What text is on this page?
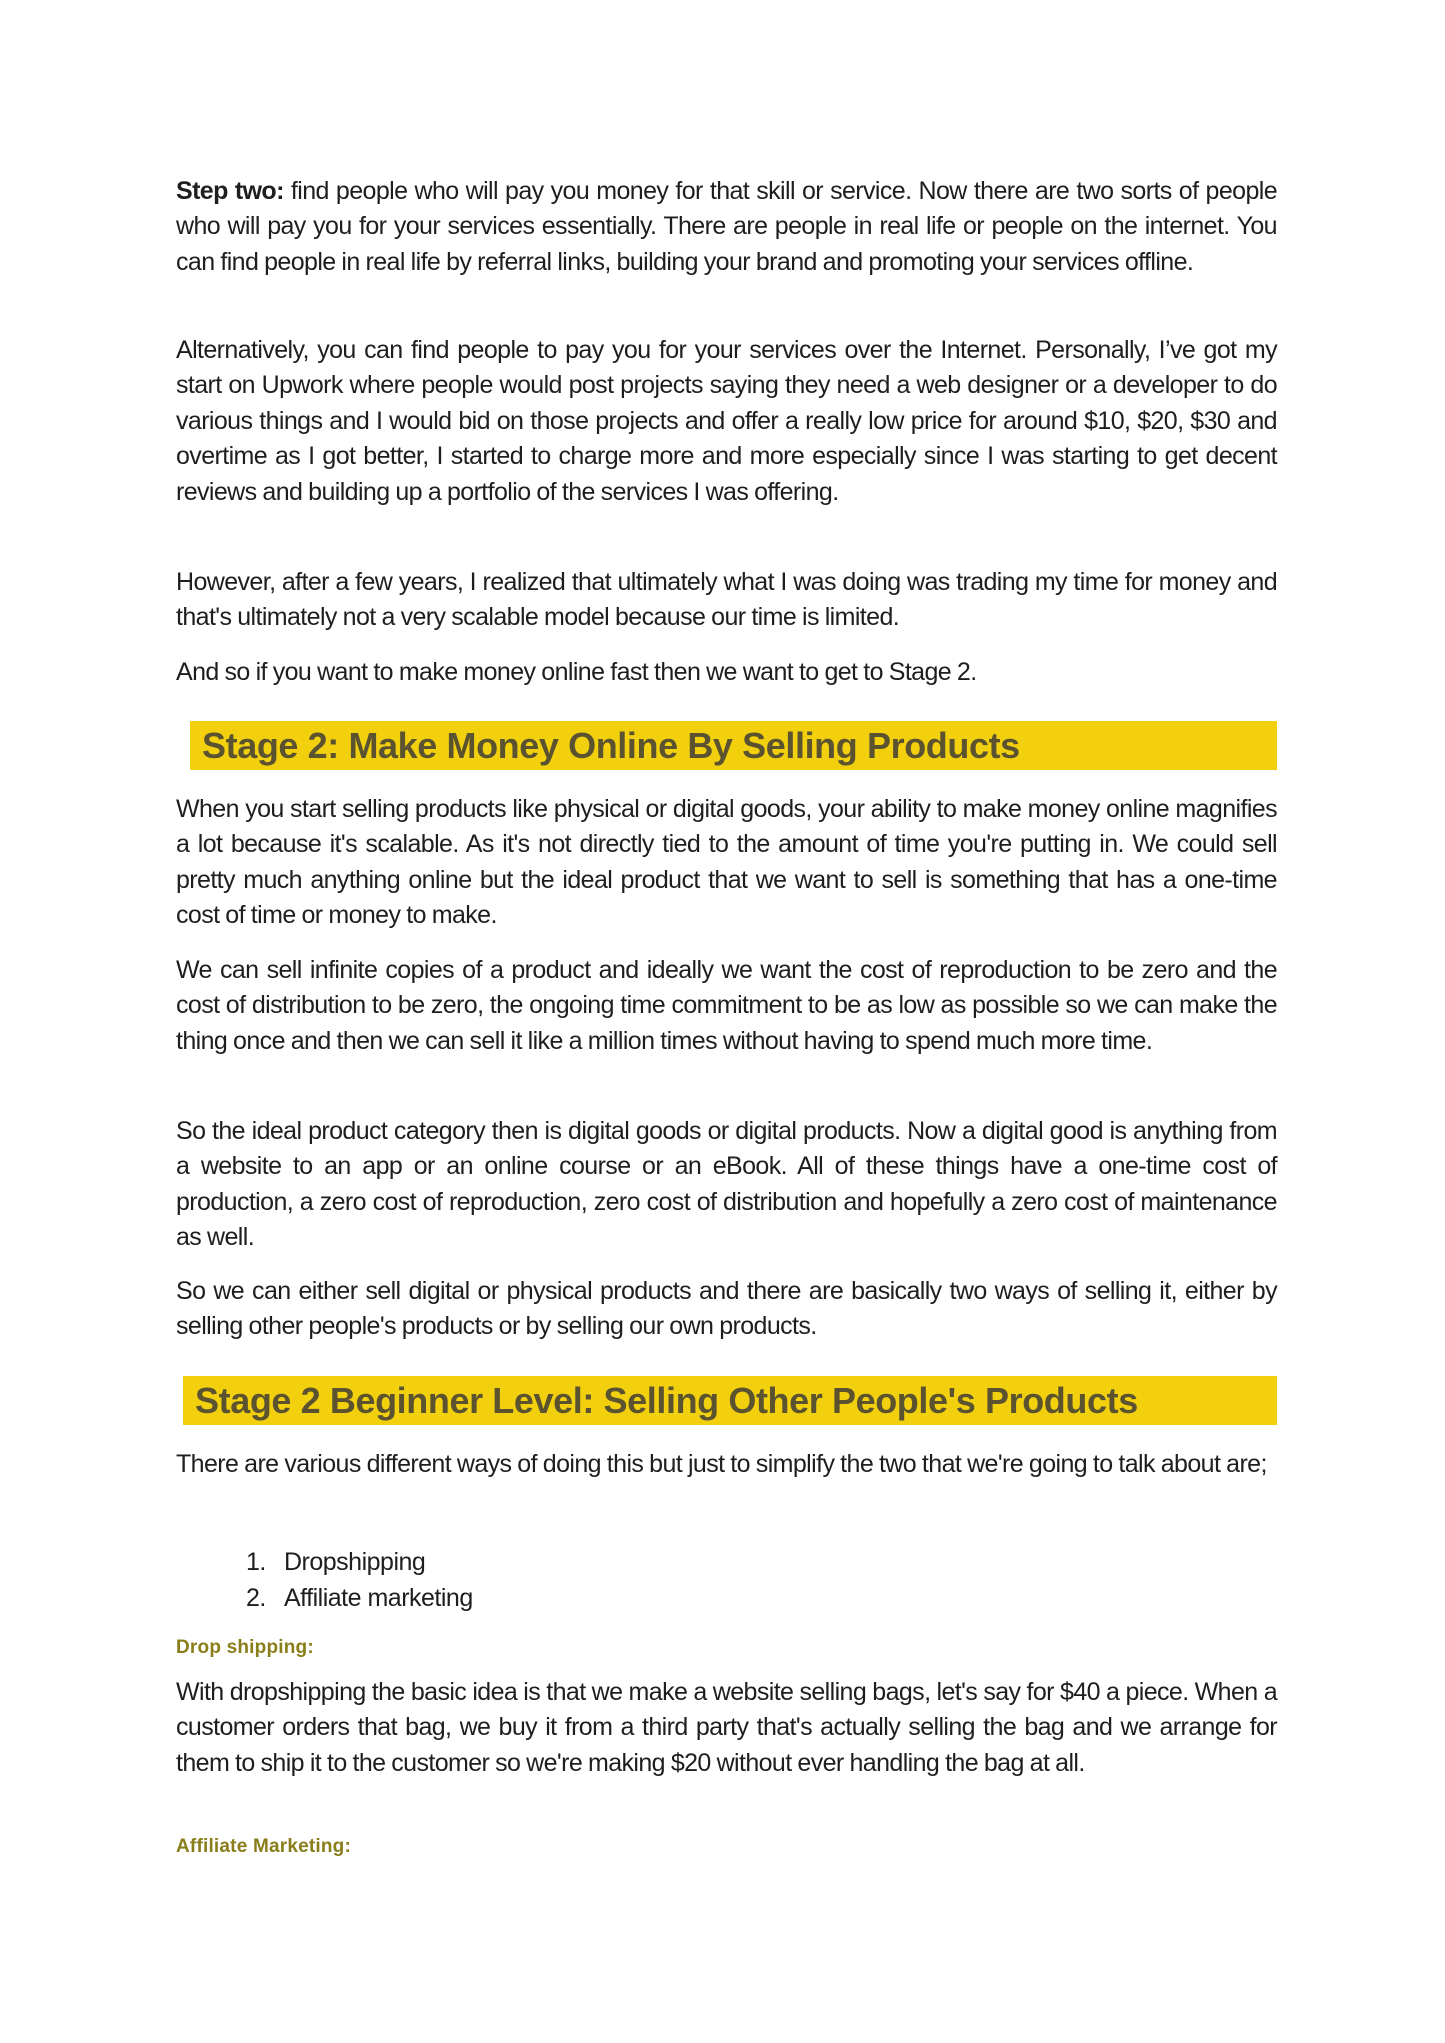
Step two: find people who will pay you money for that skill or service. Now there are two sorts of people who will pay you for your services essentially. There are people in real life or people on the internet. You can find people in real life by referral links, building your brand and promoting your services offline.

Alternatively, you can find people to pay you for your services over the Internet. Personally, I’ve got my start on Upwork where people would post projects saying they need a web designer or a developer to do various things and I would bid on those projects and offer a really low price for around $10, $20, $30 and overtime as I got better, I started to charge more and more especially since I was starting to get decent reviews and building up a portfolio of the services I was offering.

However, after a few years, I realized that ultimately what I was doing was trading my time for money and that's ultimately not a very scalable model because our time is limited.

And so if you want to make money online fast then we want to get to Stage 2.

Stage 2: Make Money Online By Selling Products

When you start selling products like physical or digital goods, your ability to make money online magnifies a lot because it's scalable. As it's not directly tied to the amount of time you're putting in. We could sell pretty much anything online but the ideal product that we want to sell is something that has a one-time cost of time or money to make.

We can sell infinite copies of a product and ideally we want the cost of reproduction to be zero and the cost of distribution to be zero, the ongoing time commitment to be as low as possible so we can make the thing once and then we can sell it like a million times without having to spend much more time.

So the ideal product category then is digital goods or digital products. Now a digital good is anything from a website to an app or an online course or an eBook. All of these things have a one-time cost of production, a zero cost of reproduction, zero cost of distribution and hopefully a zero cost of maintenance as well.

So we can either sell digital or physical products and there are basically two ways of selling it, either by selling other people's products or by selling our own products.

Stage 2 Beginner Level: Selling Other People's Products

There are various different ways of doing this but just to simplify the two that we're going to talk about are;

1. Dropshipping
2. Affiliate marketing
Drop shipping:

With dropshipping the basic idea is that we make a website selling bags, let's say for $40 a piece. When a customer orders that bag, we buy it from a third party that's actually selling the bag and we arrange for them to ship it to the customer so we're making $20 without ever handling the bag at all.

Affiliate Marketing:
